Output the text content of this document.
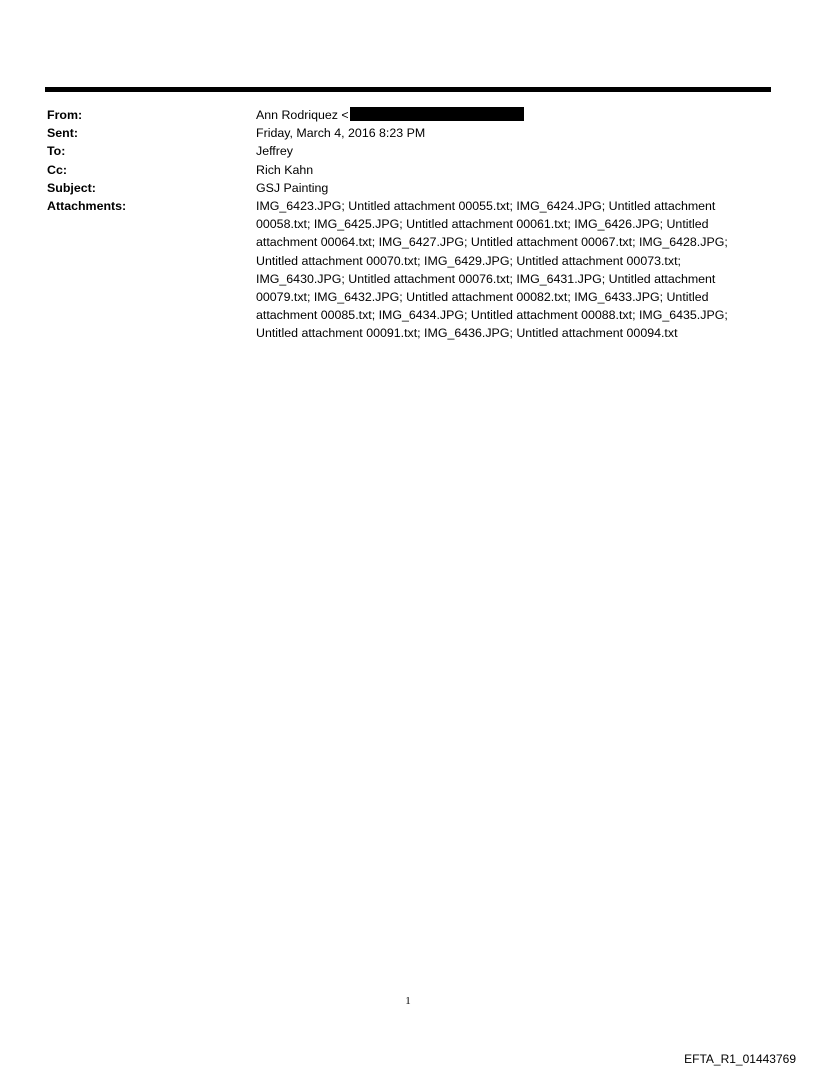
From:	Ann Rodriquez <
Sent:	Friday, March 4, 2016 8:23 PM
To:	Jeffrey
Cc:	Rich Kahn
Subject:	GSJ Painting
Attachments:	IMG_6423.JPG; Untitled attachment 00055.txt; IMG_6424.JPG; Untitled attachment 00058.txt; IMG_6425.JPG; Untitled attachment 00061.txt; IMG_6426.JPG; Untitled attachment 00064.txt; IMG_6427.JPG; Untitled attachment 00067.txt; IMG_6428.JPG; Untitled attachment 00070.txt; IMG_6429.JPG; Untitled attachment 00073.txt; IMG_6430.JPG; Untitled attachment 00076.txt; IMG_6431.JPG; Untitled attachment 00079.txt; IMG_6432.JPG; Untitled attachment 00082.txt; IMG_6433.JPG; Untitled attachment 00085.txt; IMG_6434.JPG; Untitled attachment 00088.txt; IMG_6435.JPG; Untitled attachment 00091.txt; IMG_6436.JPG; Untitled attachment 00094.txt
1
EFTA_R1_01443769
